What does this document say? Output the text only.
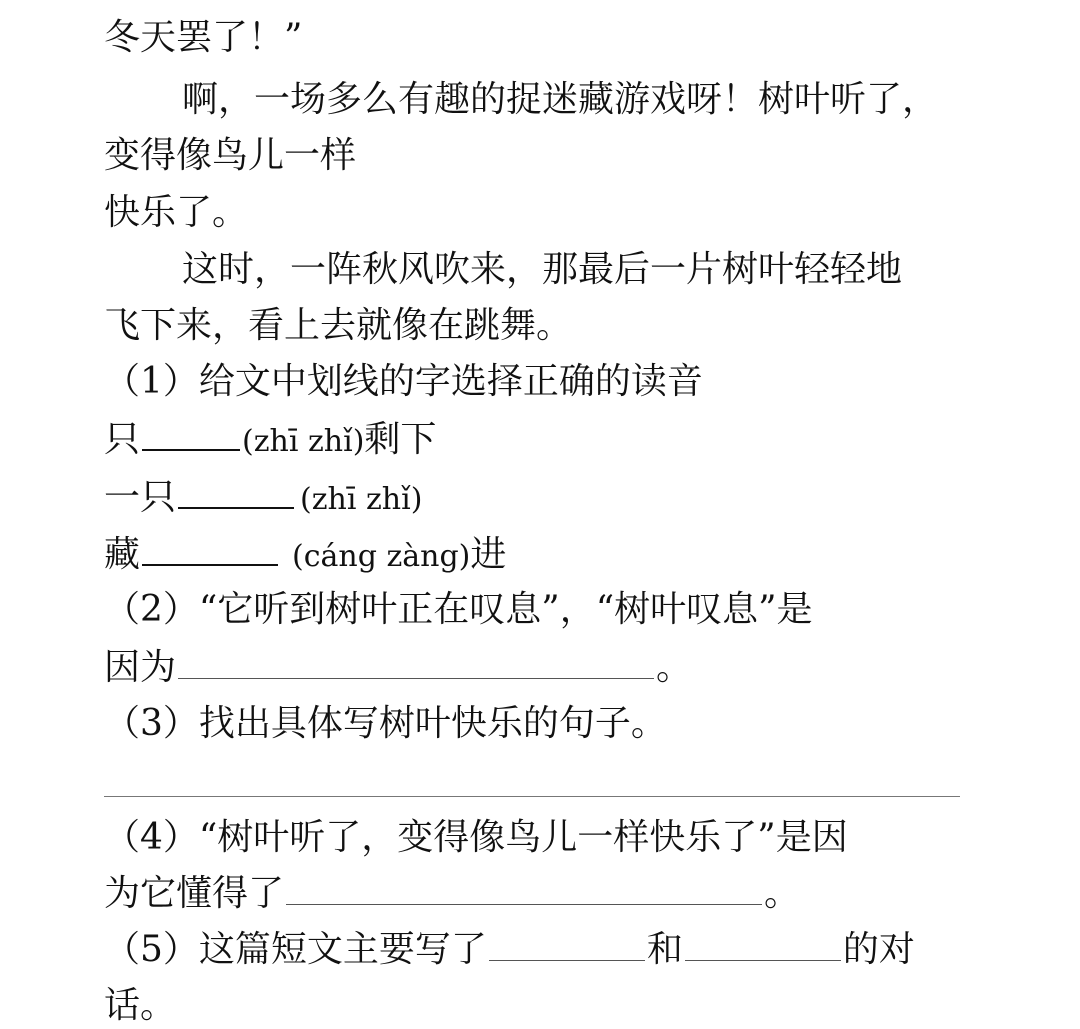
冬天罢了！”
啊，一场多么有趣的捉迷藏游戏呀！树叶听了，
变得像鸟儿一样
快乐了。
这时，一阵秋风吹来，那最后一片树叶轻轻地
飞下来，看上去就像在跳舞。
（1）给文中划线的字选择正确的读音
只	(zhī zhǐ)剩下
一只	(zhī zhǐ)
藏	(cáng zàng)进
（2）“它听到树叶正在叹息”，“树叶叹息”是
因为	。
（3）找出具体写树叶快乐的句子。
（4）“树叶听了，变得像鸟儿一样快乐了”是因
为它懂得了	。
（5）这篇短文主要写了	和	的对
话。
